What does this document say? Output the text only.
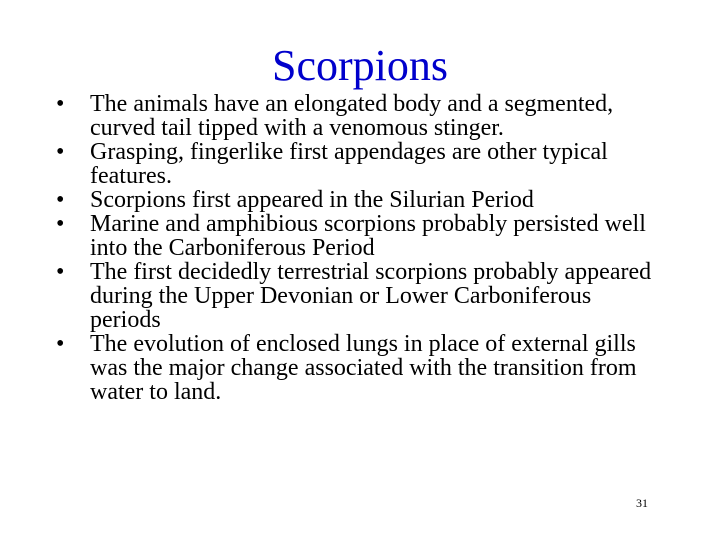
Scorpions
•	The animals have an elongated body and a segmented, curved tail tipped with a venomous stinger.
•	Grasping, fingerlike first appendages are other typical features.
•	Scorpions first appeared in the Silurian Period
•	Marine and amphibious scorpions probably persisted well into the Carboniferous Period
•	The first decidedly terrestrial scorpions probably appeared during the Upper Devonian or Lower Carboniferous periods
•	The evolution of enclosed lungs in place of external gills was the major change associated with the transition from water to land.
31
